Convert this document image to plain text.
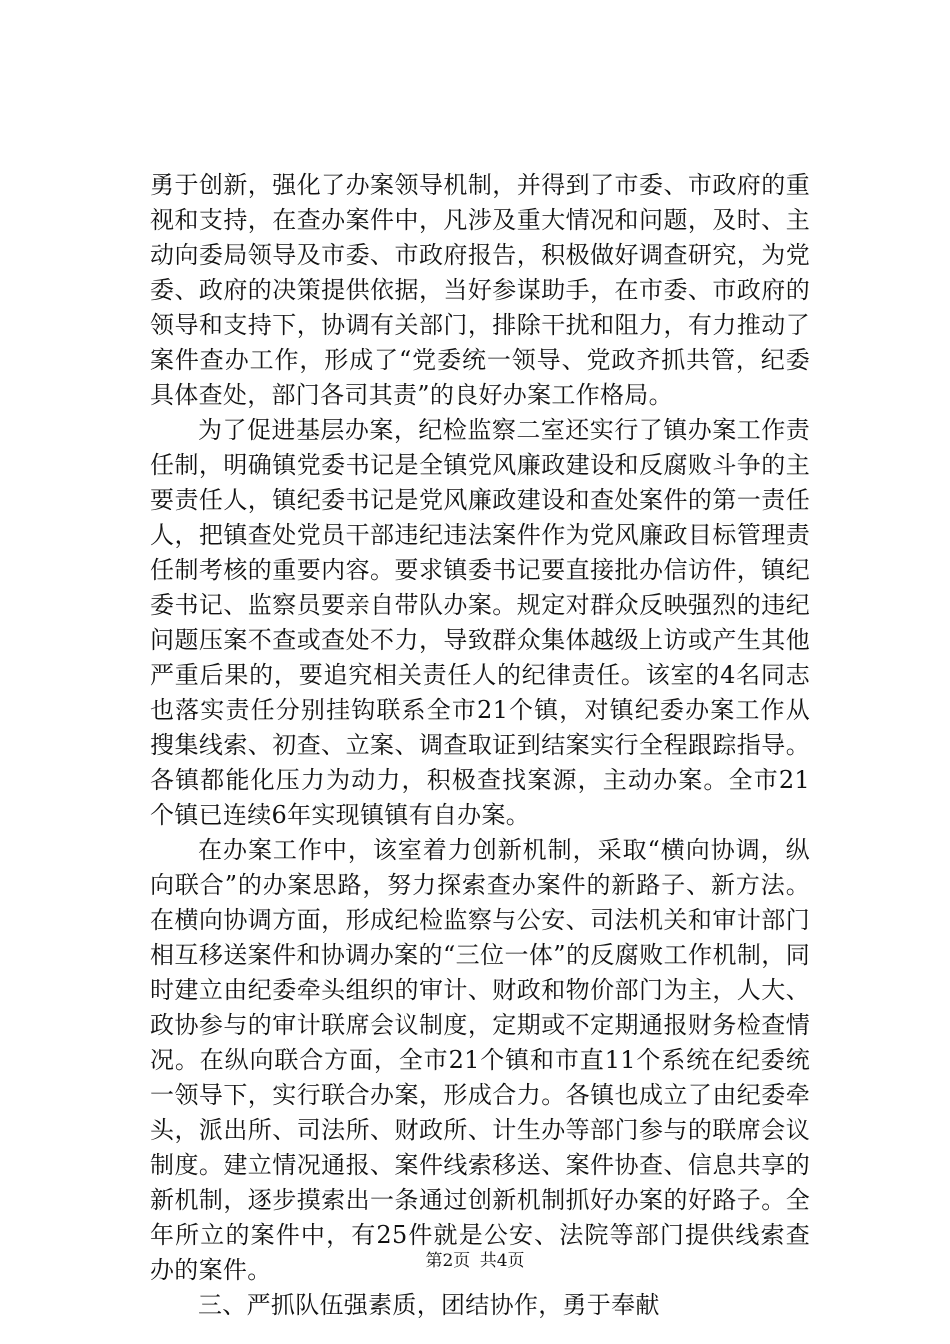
勇于创新，强化了办案领导机制，并得到了市委、市政府的重视和支持，在查办案件中，凡涉及重大情况和问题，及时、主动向委局领导及市委、市政府报告，积极做好调查研究，为党委、政府的决策提供依据，当好参谋助手，在市委、市政府的领导和支持下，协调有关部门，排除干扰和阻力，有力推动了案件查办工作，形成了“党委统一领导、党政齐抓共管，纪委具体查处，部门各司其责”的良好办案工作格局。

为了促进基层办案，纪检监察二室还实行了镇办案工作责任制，明确镇党委书记是全镇党风廉政建设和反腐败斗争的主要责任人，镇纪委书记是党风廉政建设和查处案件的第一责任人，把镇查处党员干部违纪违法案件作为党风廉政目标管理责任制考核的重要内容。要求镇委书记要直接批办信访件，镇纪委书记、监察员要亲自带队办案。规定对群众反映强烈的违纪问题压案不查或查处不力，导致群众集体越级上访或产生其他严重后果的，要追究相关责任人的纪律责任。该室的4名同志也落实责任分别挂钩联系全市21个镇，对镇纪委办案工作从搜集线索、初查、立案、调查取证到结案实行全程跟踪指导。各镇都能化压力为动力，积极查找案源，主动办案。全市21个镇已连续6年实现镇镇有自办案。

在办案工作中，该室着力创新机制，采取“横向协调，纵向联合”的办案思路，努力探索查办案件的新路子、新方法。在横向协调方面，形成纪检监察与公安、司法机关和审计部门相互移送案件和协调办案的“三位一体”的反腐败工作机制，同时建立由纪委牵头组织的审计、财政和物价部门为主，人大、政协参与的审计联席会议制度，定期或不定期通报财务检查情况。在纵向联合方面，全市21个镇和市直11个系统在纪委统一领导下，实行联合办案，形成合力。各镇也成立了由纪委牵头，派出所、司法所、财政所、计生办等部门参与的联席会议制度。建立情况通报、案件线索移送、案件协查、信息共享的新机制，逐步摸索出一条通过创新机制抓好办案的好路子。全年所立的案件中，有25件就是公安、法院等部门提供线索查办的案件。

三、严抓队伍强素质，团结协作，勇于奉献

第2页 共4页
